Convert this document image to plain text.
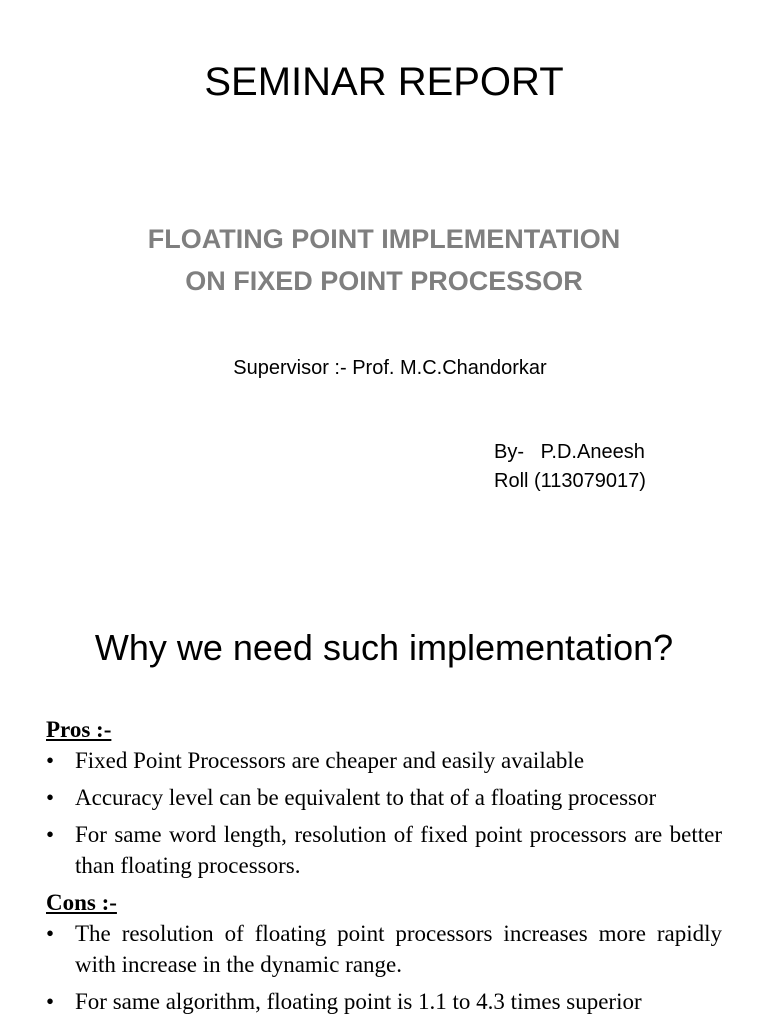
SEMINAR REPORT
FLOATING POINT IMPLEMENTATION
ON FIXED POINT PROCESSOR
Supervisor :- Prof. M.C.Chandorkar
By-   P.D.Aneesh
Roll (113079017)
Why we need such implementation?
Pros :-
• Fixed Point Processors are cheaper and easily available
• Accuracy level can be equivalent to that of a floating processor
• For same word length, resolution of fixed point processors are better than floating processors.
Cons :-
• The resolution of floating point processors increases more rapidly with increase in the dynamic range.
• For same algorithm, floating point is 1.1 to 4.3 times superior
